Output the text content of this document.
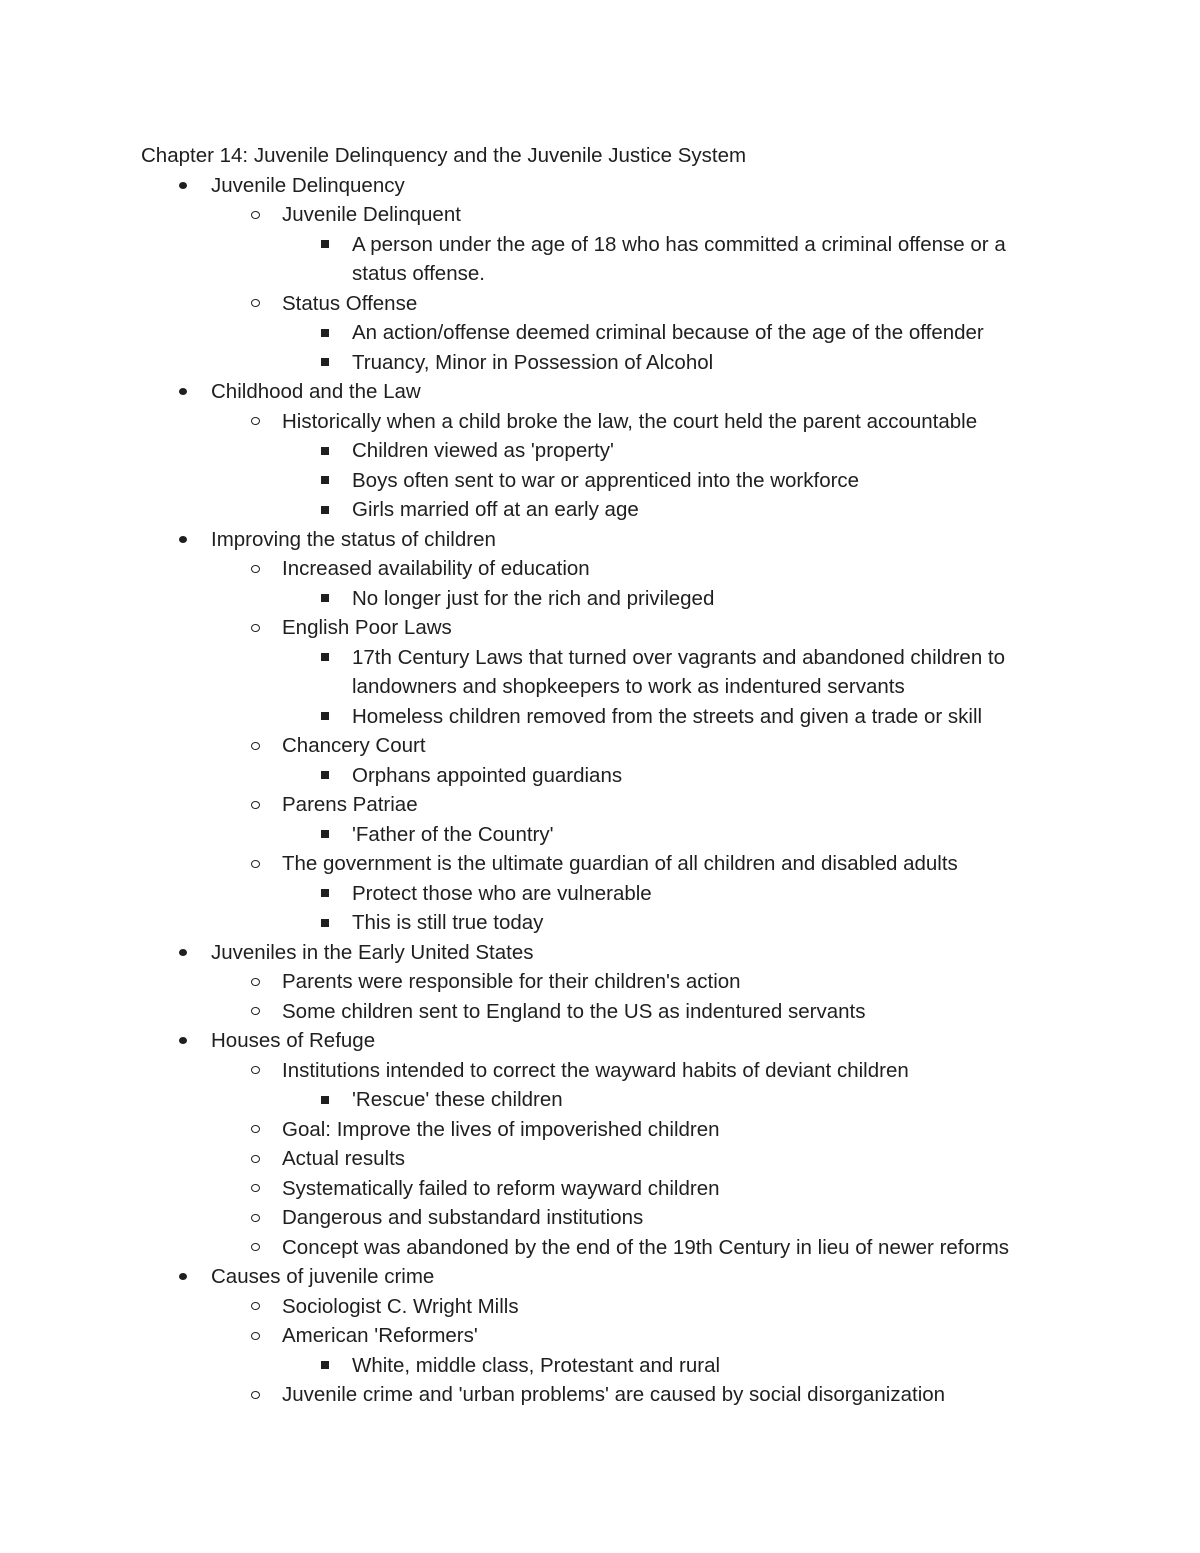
Chapter 14: Juvenile Delinquency and the Juvenile Justice System
Juvenile Delinquency
Juvenile Delinquent
A person under the age of 18 who has committed a criminal offense or a status offense.
Status Offense
An action/offense deemed criminal because of the age of the offender
Truancy, Minor in Possession of Alcohol
Childhood and the Law
Historically when a child broke the law, the court held the parent accountable
Children viewed as 'property'
Boys often sent to war or apprenticed into the workforce
Girls married off at an early age
Improving the status of children
Increased availability of education
No longer just for the rich and privileged
English Poor Laws
17th Century Laws that turned over vagrants and abandoned children to landowners and shopkeepers to work as indentured servants
Homeless children removed from the streets and given a trade or skill
Chancery Court
Orphans appointed guardians
Parens Patriae
'Father of the Country'
The government is the ultimate guardian of all children and disabled adults
Protect those who are vulnerable
This is still true today
Juveniles in the Early United States
Parents were responsible for their children's action
Some children sent to England to the US as indentured servants
Houses of Refuge
Institutions intended to correct the wayward habits of deviant children
'Rescue' these children
Goal: Improve the lives of impoverished children
Actual results
Systematically failed to reform wayward children
Dangerous and substandard institutions
Concept was abandoned by the end of the 19th Century in lieu of newer reforms
Causes of juvenile crime
Sociologist C. Wright Mills
American 'Reformers'
White, middle class, Protestant and rural
Juvenile crime and 'urban problems' are caused by social disorganization
